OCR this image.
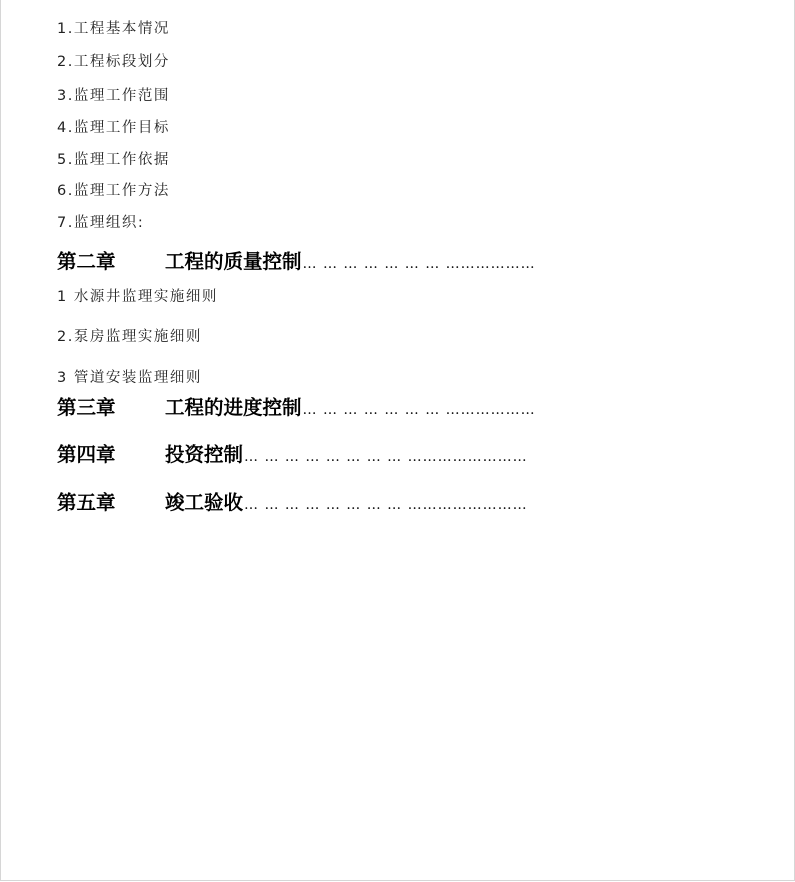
1.工程基本情况
2.工程标段划分
3.监理工作范围
4.监理工作目标
5.监理工作依据
6.监理工作方法
7.监理组织:
第二章	工程的质量控制 … … … … … … … ………………
1 水源井监理实施细则
2.泵房监理实施细则
3 管道安装监理细则
第三章	工程的进度控制 … … … … … … … ………………
第四章	投资控制 … … … … … … … … ……………………
第五章	竣工验收 … … … … … … … … ……………………
